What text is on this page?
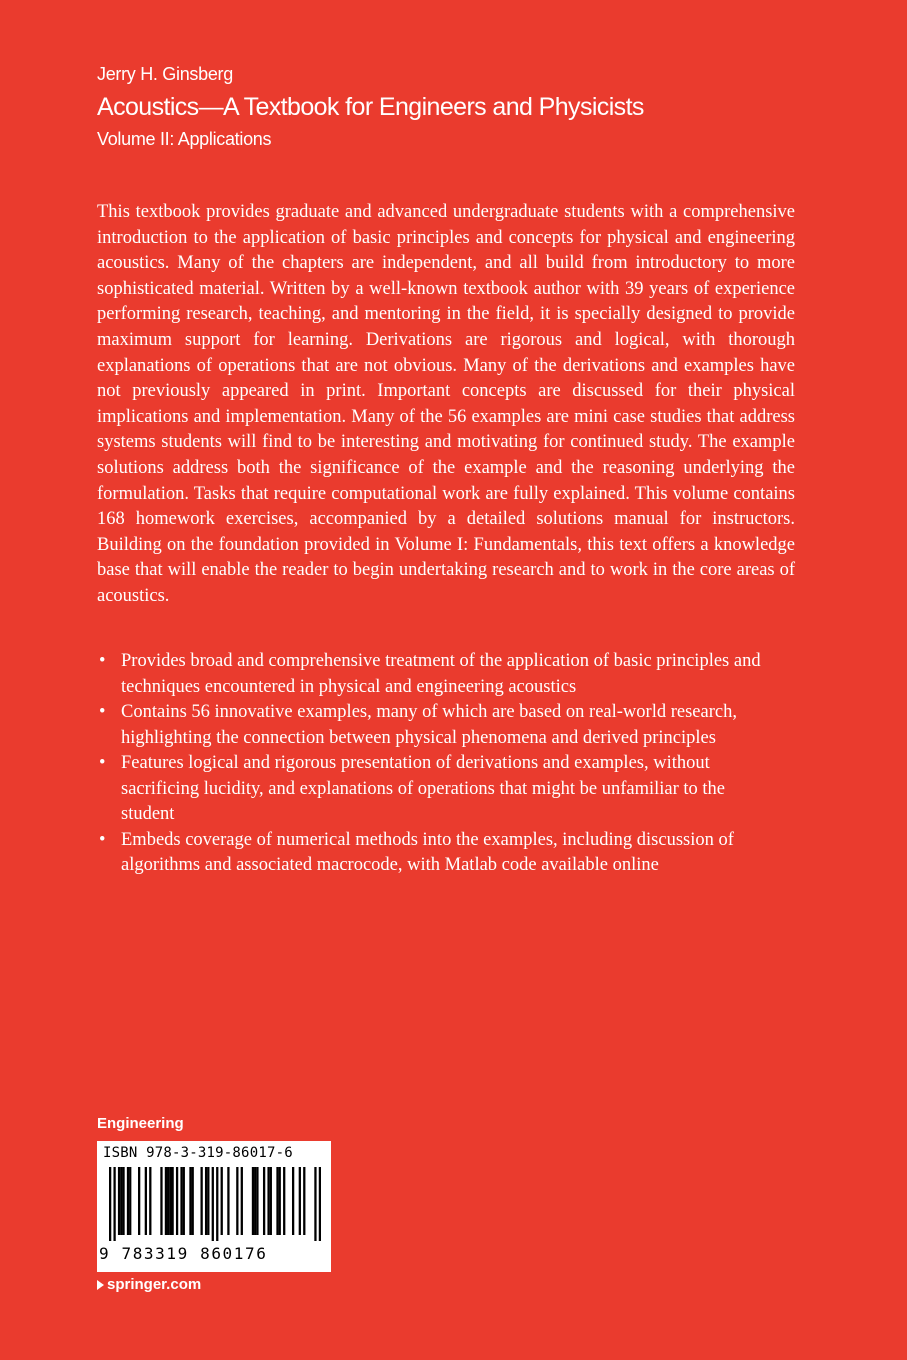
Jerry H. Ginsberg
Acoustics—A Textbook for Engineers and Physicists
Volume II: Applications

This textbook provides graduate and advanced undergraduate students with a comprehensive introduction to the application of basic principles and concepts for physical and engineering acoustics. Many of the chapters are independent, and all build from introductory to more sophisticated material. Written by a well-known textbook author with 39 years of experience performing research, teaching, and mentoring in the field, it is specially designed to provide maximum support for learning. Derivations are rigorous and logical, with thorough explanations of operations that are not obvious. Many of the derivations and examples have not previously appeared in print. Important concepts are discussed for their physical implications and implementation. Many of the 56 examples are mini case studies that address systems students will find to be interesting and motivating for continued study. The example solutions address both the significance of the example and the reasoning underlying the formulation. Tasks that require computational work are fully explained. This volume contains 168 homework exercises, accompanied by a detailed solutions manual for instructors. Building on the foundation provided in Volume I: Fundamentals, this text offers a knowledge base that will enable the reader to begin undertaking research and to work in the core areas of acoustics.

• Provides broad and comprehensive treatment of the application of basic principles and techniques encountered in physical and engineering acoustics
• Contains 56 innovative examples, many of which are based on real-world research, highlighting the connection between physical phenomena and derived principles
• Features logical and rigorous presentation of derivations and examples, without sacrificing lucidity, and explanations of operations that might be unfamiliar to the student
• Embeds coverage of numerical methods into the examples, including discussion of algorithms and associated macrocode, with Matlab code available online
Engineering
ISBN 978-3-319-86017-6
9 783319 860176
springer.com
